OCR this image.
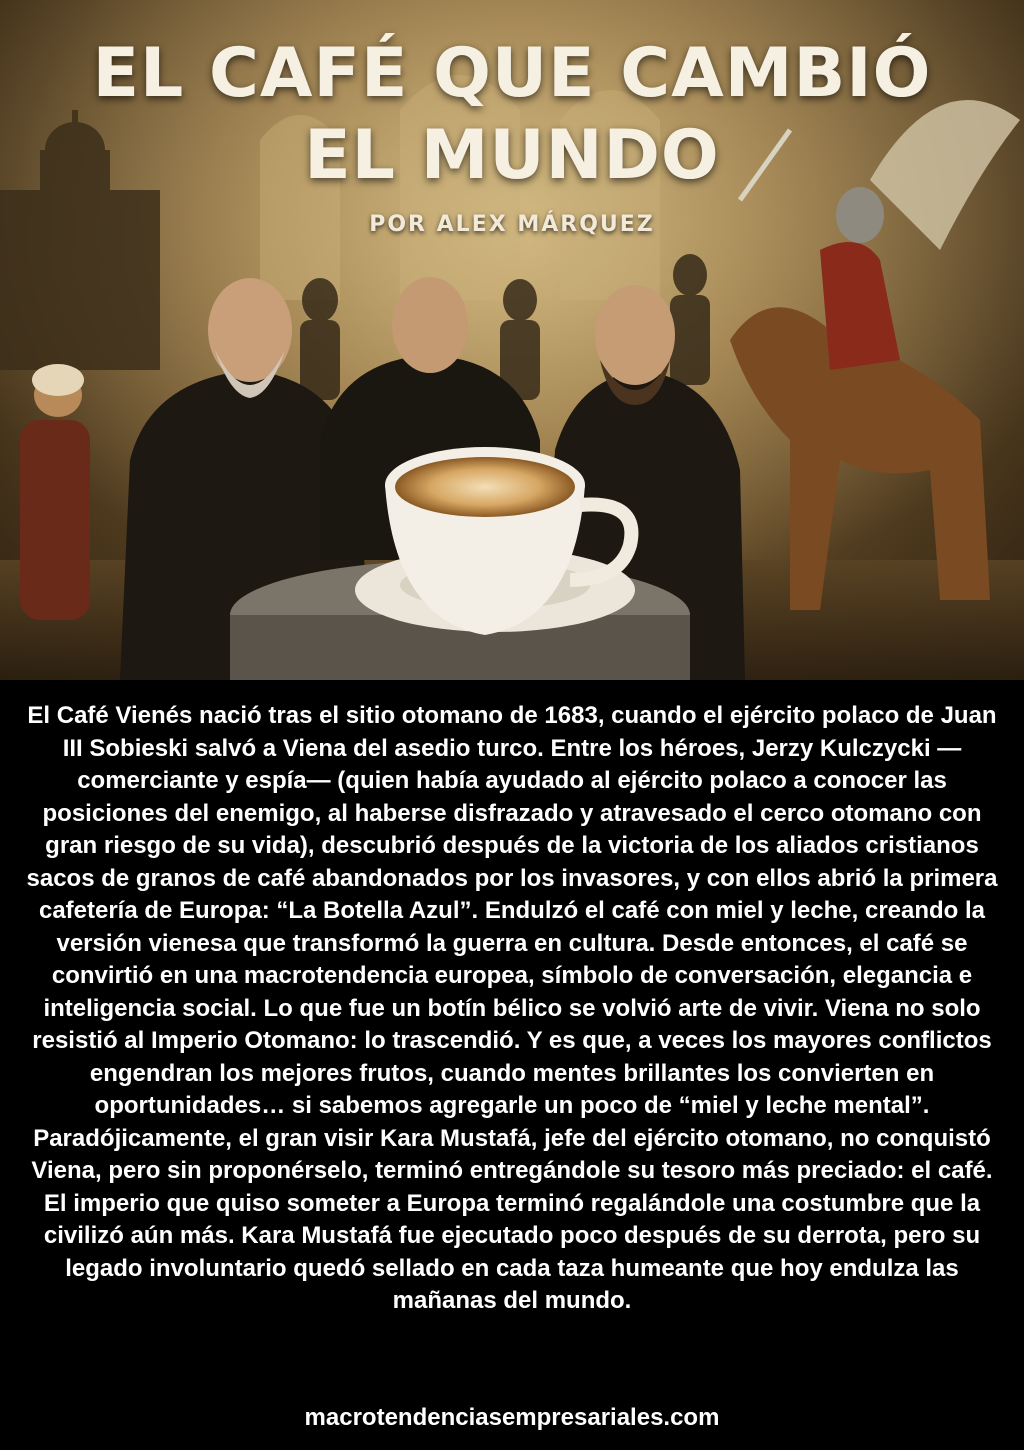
EL CAFÉ QUE CAMBIÓ
EL MUNDO
POR ALEX MÁRQUEZ

El Café Vienés nació tras el sitio otomano de 1683, cuando el ejército polaco de Juan III Sobieski salvó a Viena del asedio turco. Entre los héroes, Jerzy Kulczycki —comerciante y espía— (quien había ayudado al ejército polaco a conocer las posiciones del enemigo, al haberse disfrazado y atravesado el cerco otomano con gran riesgo de su vida), descubrió después de la victoria de los aliados cristianos sacos de granos de café abandonados por los invasores, y con ellos abrió la primera cafetería de Europa: “La Botella Azul”. Endulzó el café con miel y leche, creando la versión vienesa que transformó la guerra en cultura. Desde entonces, el café se convirtió en una macrotendencia europea, símbolo de conversación, elegancia e inteligencia social. Lo que fue un botín bélico se volvió arte de vivir. Viena no solo resistió al Imperio Otomano: lo trascendió. Y es que, a veces los mayores conflictos engendran los mejores frutos, cuando mentes brillantes los convierten en oportunidades… si sabemos agregarle un poco de “miel y leche mental”. Paradójicamente, el gran visir Kara Mustafá, jefe del ejército otomano, no conquistó Viena, pero sin proponérselo, terminó entregándole su tesoro más preciado: el café. El imperio que quiso someter a Europa terminó regalándole una costumbre que la civilizó aún más. Kara Mustafá fue ejecutado poco después de su derrota, pero su legado involuntario quedó sellado en cada taza humeante que hoy endulza las mañanas del mundo.

macrotendenciasempresariales.com
